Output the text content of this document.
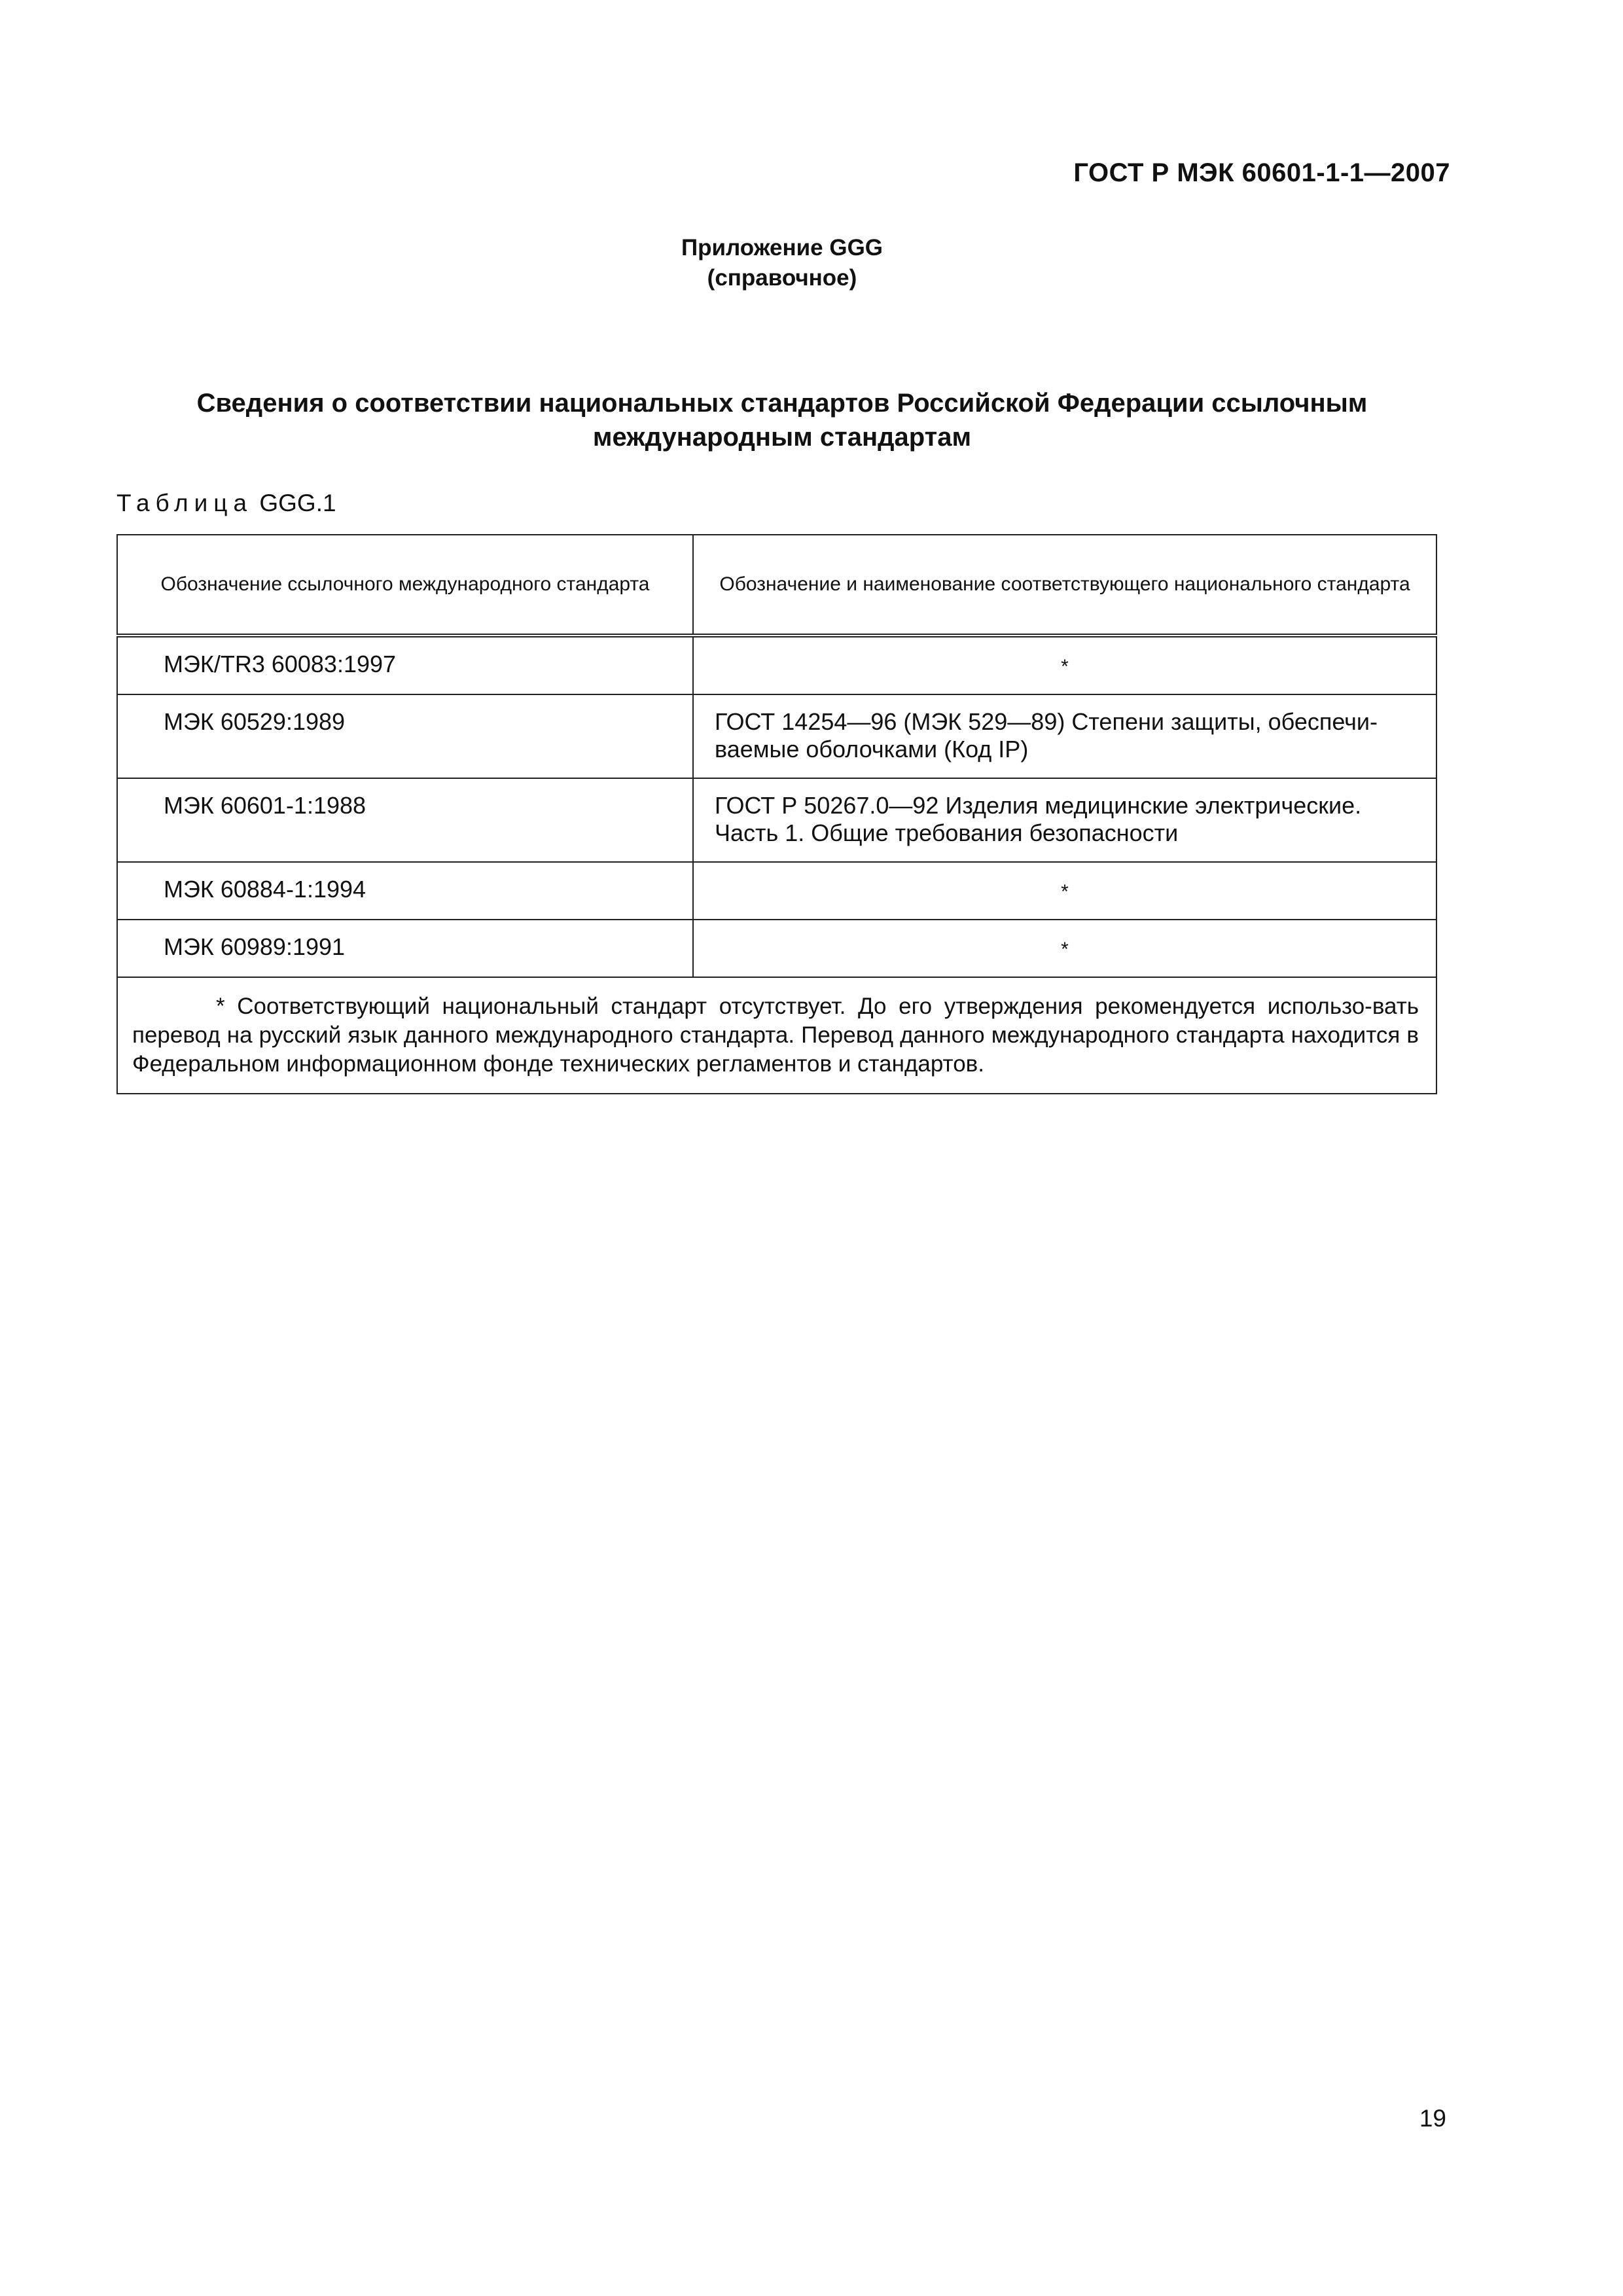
ГОСТ Р МЭК 60601-1-1—2007
Приложение GGG
(справочное)
Сведения о соответствии национальных стандартов Российской Федерации ссылочным
международным стандартам
Таблица GGG.1
Обозначение ссылочного международного стандарта	Обозначение и наименование соответствующего национального стандарта
МЭК/TR3 60083:1997	*
МЭК 60529:1989	ГОСТ 14254—96 (МЭК 529—89) Степени защиты, обеспечи-ваемые оболочками (Код IP)
МЭК 60601-1:1988	ГОСТ Р 50267.0—92 Изделия медицинские электрические. Часть 1. Общие требования безопасности
МЭК 60884-1:1994	*
МЭК 60989:1991	*
* Соответствующий национальный стандарт отсутствует. До его утверждения рекомендуется использо-вать перевод на русский язык данного международного стандарта. Перевод данного международного стандарта находится в Федеральном информационном фонде технических регламентов и стандартов.	
19
